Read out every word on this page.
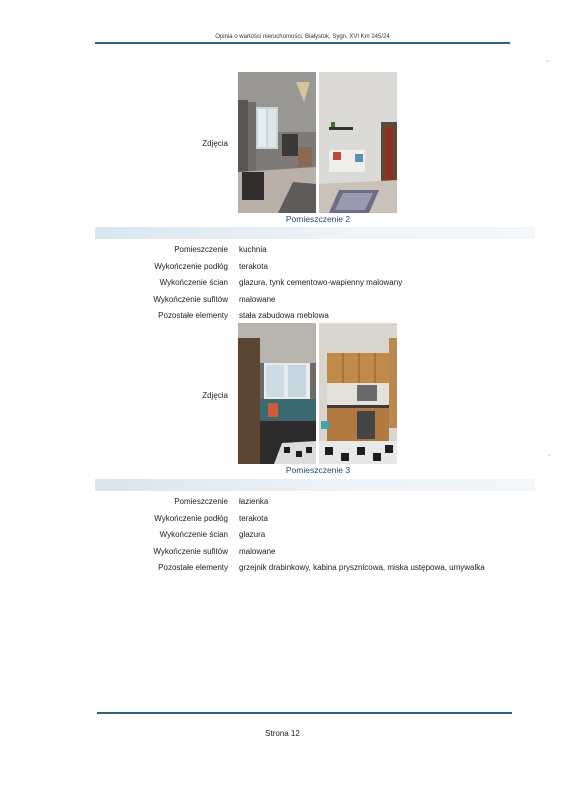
Opinia o wartości nieruchomości, Białystok, Sygn. XVI Km 245/24
Zdjęcia
Pomieszczenie 2
Pomieszczenie kuchnia
Wykończenie podłóg terakota
Wykończenie ścian glazura, tynk cementowo-wapienny malowany
Wykończenie sufitów malowane
Pozostałe elementy stała zabudowa meblowa
Zdjęcia
Pomieszczenie 3
Pomieszczenie łazienka
Wykończenie podłóg terakota
Wykończenie ścian glazura
Wykończenie sufitów malowane
Pozostałe elementy grzejnik drabinkowy, kabina prysznicowa, miska ustępowa, umywalka
Strona 12
